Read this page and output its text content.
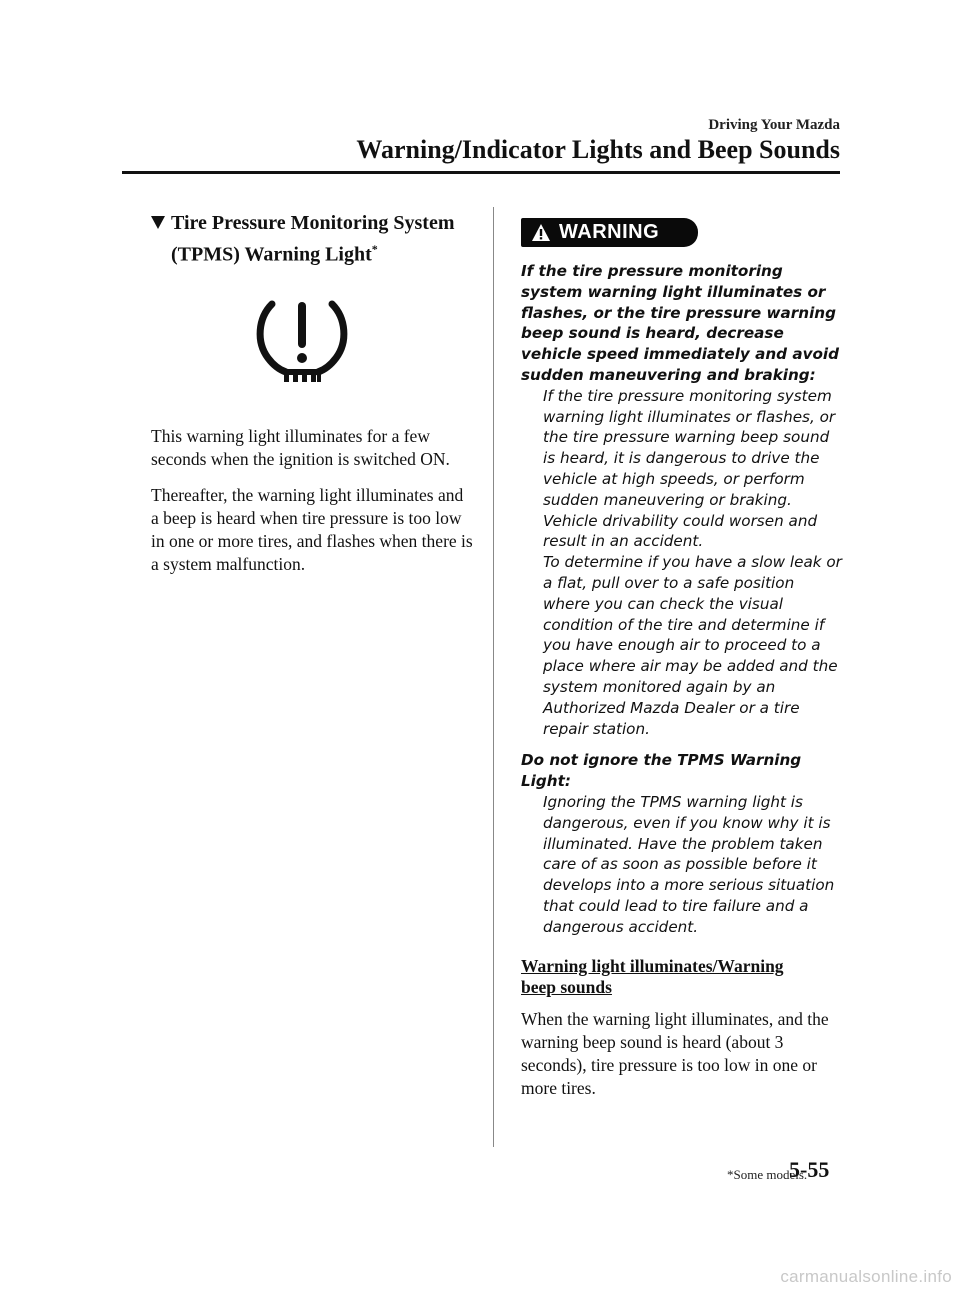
Driving Your Mazda
Warning/Indicator Lights and Beep Sounds
Tire Pressure Monitoring System
(TPMS) Warning Light*

This warning light illuminates for a few seconds when the ignition is switched ON.

Thereafter, the warning light illuminates and a beep is heard when tire pressure is too low in one or more tires, and flashes when there is a system malfunction.

WARNING

If the tire pressure monitoring system warning light illuminates or flashes, or the tire pressure warning beep sound is heard, decrease vehicle speed immediately and avoid sudden maneuvering and braking:

If the tire pressure monitoring system warning light illuminates or flashes, or the tire pressure warning beep sound is heard, it is dangerous to drive the vehicle at high speeds, or perform sudden maneuvering or braking. Vehicle drivability could worsen and result in an accident.

To determine if you have a slow leak or a flat, pull over to a safe position where you can check the visual condition of the tire and determine if you have enough air to proceed to a place where air may be added and the system monitored again by an Authorized Mazda Dealer or a tire repair station.

Do not ignore the TPMS Warning Light:

Ignoring the TPMS warning light is dangerous, even if you know why it is illuminated. Have the problem taken care of as soon as possible before it develops into a more serious situation that could lead to tire failure and a dangerous accident.

Warning light illuminates/Warning
beep sounds

When the warning light illuminates, and the warning beep sound is heard (about 3 seconds), tire pressure is too low in one or more tires.

*Some models.
5-55
carmanualsonline.info
